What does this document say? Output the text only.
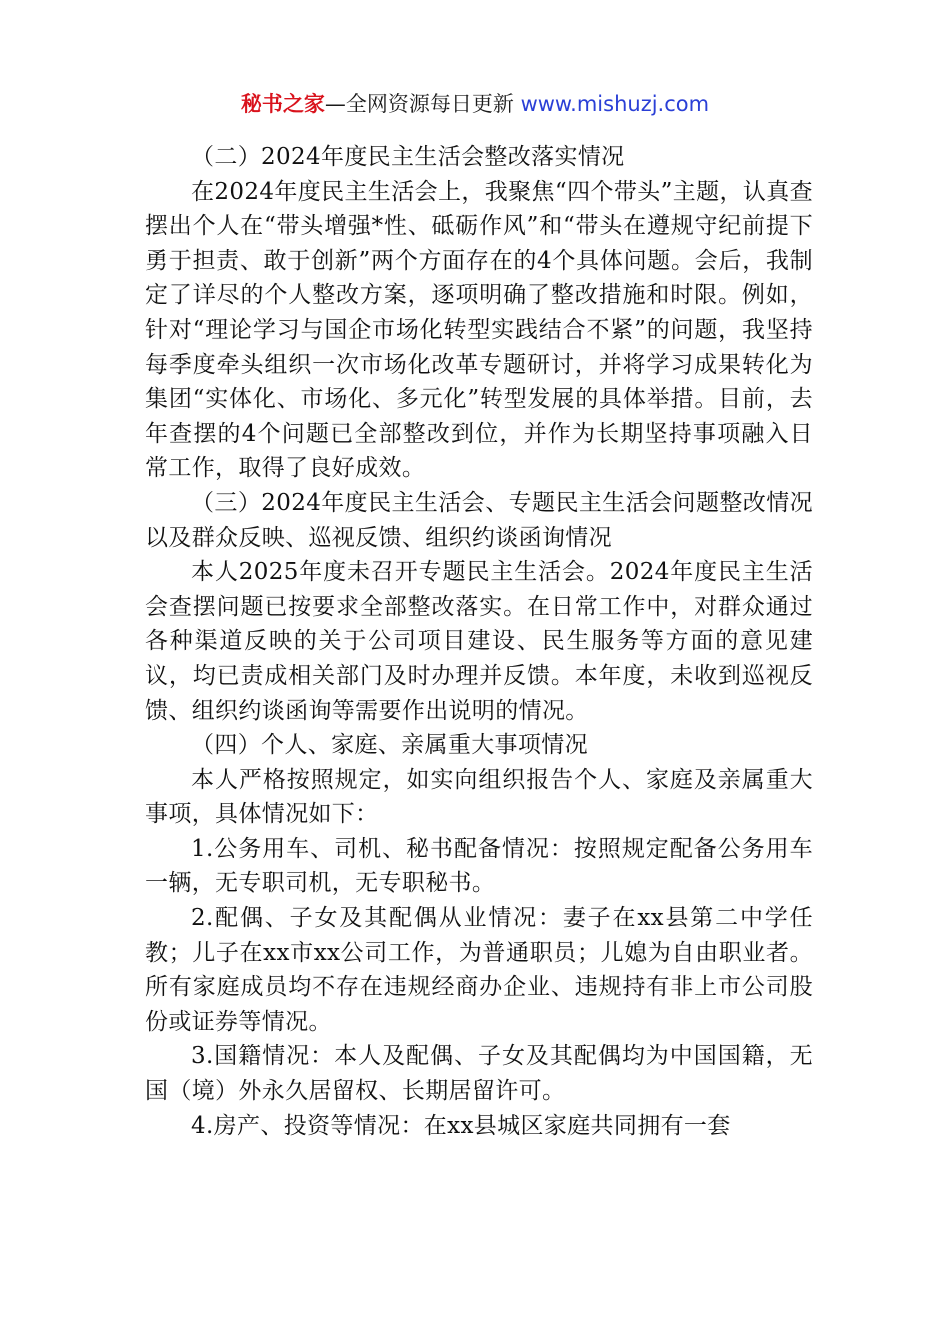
秘书之家—全网资源每日更新 www.mishuzj.com

（二）2024年度民主生活会整改落实情况

在2024年度民主生活会上，我聚焦“四个带头”主题，认真查摆出个人在“带头增强*性、砥砺作风”和“带头在遵规守纪前提下勇于担责、敢于创新”两个方面存在的4个具体问题。会后，我制定了详尽的个人整改方案，逐项明确了整改措施和时限。例如，针对“理论学习与国企市场化转型实践结合不紧”的问题，我坚持每季度牵头组织一次市场化改革专题研讨，并将学习成果转化为集团“实体化、市场化、多元化”转型发展的具体举措。目前，去年查摆的4个问题已全部整改到位，并作为长期坚持事项融入日常工作，取得了良好成效。

（三）2024年度民主生活会、专题民主生活会问题整改情况以及群众反映、巡视反馈、组织约谈函询情况

本人2025年度未召开专题民主生活会。2024年度民主生活会查摆问题已按要求全部整改落实。在日常工作中，对群众通过各种渠道反映的关于公司项目建设、民生服务等方面的意见建议，均已责成相关部门及时办理并反馈。本年度，未收到巡视反馈、组织约谈函询等需要作出说明的情况。

（四）个人、家庭、亲属重大事项情况

本人严格按照规定，如实向组织报告个人、家庭及亲属重大事项，具体情况如下：

1.公务用车、司机、秘书配备情况：按照规定配备公务用车一辆，无专职司机，无专职秘书。

2.配偶、子女及其配偶从业情况：妻子在xx县第二中学任教；儿子在xx市xx公司工作，为普通职员；儿媳为自由职业者。所有家庭成员均不存在违规经商办企业、违规持有非上市公司股份或证券等情况。

3.国籍情况：本人及配偶、子女及其配偶均为中国国籍，无国（境）外永久居留权、长期居留许可。

4.房产、投资等情况：在xx县城区家庭共同拥有一套
